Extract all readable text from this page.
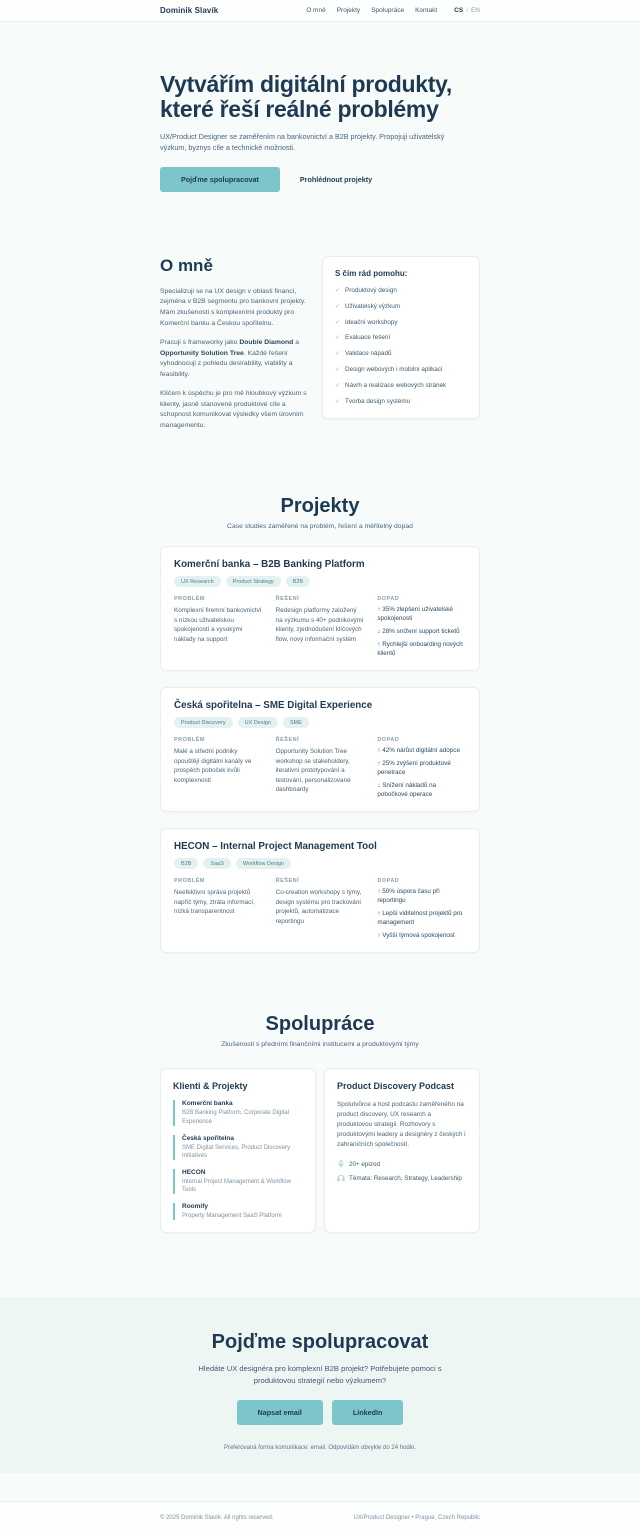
Dominik Slavík	O mně Projekty Spolupráce Kontakt	CS / EN
Vytvářím digitální produkty,
které řeší reálné problémy

UX/Product Designer se zaměřením na bankovnictví a B2B projekty. Propojuji uživatelský výzkum, byznys cíle a technické možnosti.

Pojďme spolupracovat	Prohlédnout projekty
O mně

Specializuji se na UX design v oblasti financí, zejména v B2B segmentu pro bankovní projekty. Mám zkušenosti s komplexními produkty pro Komerční banku a Českou spořitelnu.

Pracuji s frameworky jako Double Diamond a Opportunity Solution Tree. Každé řešení vyhodnocuji z pohledu desirability, viability a feasibility.

Klíčem k úspěchu je pro mě hloubkový výzkum s klienty, jasně stanovené produktové cíle a schopnost komunikovat výsledky všem úrovním managementu.

S čím rád pomohu:
✓ Produktový design
✓ Uživatelský výzkum
✓ Ideační workshopy
✓ Evaluace řešení
✓ Validace nápadů
✓ Design webových i mobilní aplikací
✓ Návrh a realizace webových stránek
✓ Tvorba design systému
Projekty

Case studies zaměřené na problém, řešení a měřitelný dopad

Komerční banka – B2B Banking Platform
UX Research	Product Strategy	B2B
PROBLÉM

Komplexní firemní bankovnictví s nízkou uživatelskou spokojeností a vysokými náklady na support

ŘEŠENÍ

Redesign platformy založený na výzkumu s 40+ podnikovými klienty, zjednodušení klíčových flow, nový informační systém

DOPAD

↑ 35% zlepšení uživatelské spokojenosti

↓ 28% snížení support ticketů

↑ Rychlejší onboarding nových klientů

Česká spořitelna – SME Digital Experience
Product Discovery	UX Design	SME
PROBLÉM

Malé a střední podniky opouštějí digitální kanály ve prospěch poboček kvůli komplexnosti

ŘEŠENÍ

Opportunity Solution Tree workshop se stakeholdery, iterativní prototypování a testování, personalizované dashboardy

DOPAD

↑ 42% nárůst digitální adopce

↑ 25% zvýšení produktové penetrace

↓ Snížení nákladů na pobočkové operace

HECON – Internal Project Management Tool
B2B	SaaS	Workflow Design
PROBLÉM

Neefektivní správa projektů napříč týmy, ztráta informací, nízká transparentnost

ŘEŠENÍ

Co-creation workshopy s týmy, design systému pro trackování projektů, automatizace reportingu

DOPAD

↑ 50% úspora času při reportingu

↑ Lepší viditelnost projektů pro management

↑ Vyšší týmová spokojenost

Spolupráce

Zkušenosti s předními finančními institucemi a produktovými týmy

Klienti & Projekty
Komerční banka
B2B Banking Platform, Corporate Digital Experience
Česká spořitelna
SME Digital Services, Product Discovery Initiatives
HECON
Internal Project Management & Workflow Tools
Roomify
Property Management SaaS Platform
Product Discovery Podcast

Spolutvůrce a host podcastu zaměřeného na product discovery, UX research a produktovou strategii. Rozhovory s produktovými leadery a designéry z českých i zahraničních společností.

20+ epizod
Témata: Research, Strategy, Leadership
Pojďme spolupracovat

Hledáte UX designéra pro komplexní B2B projekt? Potřebujete pomoci s produktovou strategií nebo výzkumem?

Napsat email	LinkedIn

Preferovaná forma komunikace: email. Odpovídám obvykle do 24 hodin.

© 2025 Dominik Slavík. All rights reserved.	UX/Product Designer • Prague, Czech Republic
